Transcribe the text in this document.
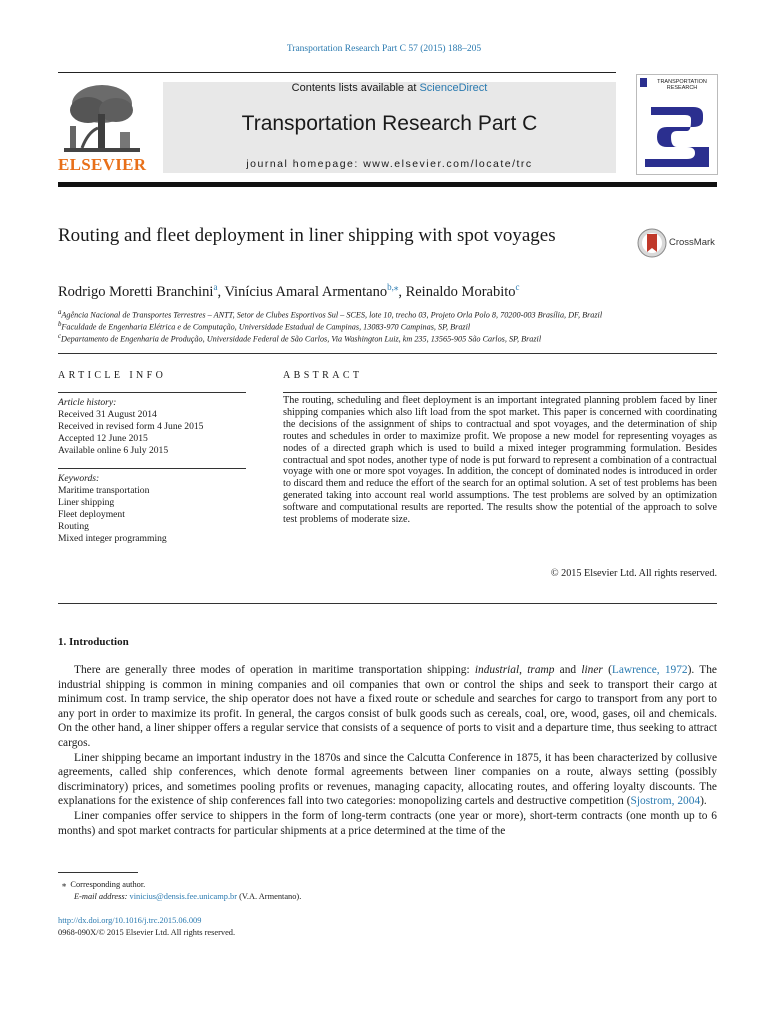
Transportation Research Part C 57 (2015) 188–205
ELSEVIER
Contents lists available at ScienceDirect
Transportation Research Part C
journal homepage: www.elsevier.com/locate/trc
TRANSPORTATION RESEARCH
Routing and fleet deployment in liner shipping with spot voyages	CrossMark
Rodrigo Moretti Branchini$^a$, Vinícius Amaral Armentano$^{b,⁎}$, Reinaldo Morabito$^c$
$^a$Agência Nacional de Transportes Terrestres – ANTT, Setor de Clubes Esportivos Sul – SCES, lote 10, trecho 03, Projeto Orla Polo 8, 70200-003 Brasília, DF, Brazil
$^b$Faculdade de Engenharia Elétrica e de Computação, Universidade Estadual de Campinas, 13083-970 Campinas, SP, Brazil
$^c$Departamento de Engenharia de Produção, Universidade Federal de São Carlos, Via Washington Luiz, km 235, 13565-905 São Carlos, SP, Brazil
ARTICLE INFO	ABSTRACT
Article history:
Received 31 August 2014
Received in revised form 4 June 2015
Accepted 12 June 2015
Available online 6 July 2015
Keywords:
Maritime transportation
Liner shipping
Fleet deployment
Routing
Mixed integer programming
The routing, scheduling and fleet deployment is an important integrated planning problem faced by liner shipping companies which also lift load from the spot market. This paper is concerned with coordinating the decisions of the assignment of ships to contractual and spot voyages, and the determination of ship routes and schedules in order to maximize profit. We propose a new model for representing voyages as nodes of a directed graph which is used to build a mixed integer programming formulation. Besides contractual and spot nodes, another type of node is put forward to represent a combination of a contractual voyage with one or more spot voyages. In addition, the concept of dominated nodes is introduced in order to discard them and reduce the effort of the search for an optimal solution. A set of test problems has been generated taking into account real world assumptions. The test problems are solved by an optimization software and computational results are reported. The results show the potential of the approach to solve test problems of moderate size.
© 2015 Elsevier Ltd. All rights reserved.
1. Introduction

There are generally three modes of operation in maritime transportation shipping: industrial, tramp and liner (Lawrence, 1972). The industrial shipping is common in mining companies and oil companies that own or control the ships and seek to transport their cargo at minimum cost. In tramp service, the ship operator does not have a fixed route or schedule and searches for cargo to transport from any port to any port in order to maximize its profit. In general, the cargos consist of bulk goods such as cereals, coal, ore, wood, gases, oil and chemicals. On the other hand, a liner shipper offers a regular service that consists of a sequence of ports to visit and a departure time, thus seeking to attract cargos.

Liner shipping became an important industry in the 1870s and since the Calcutta Conference in 1875, it has been characterized by collusive agreements, called ship conferences, which denote formal agreements between liner companies on a route, always setting (possibly discriminatory) prices, and sometimes pooling profits or revenues, managing capacity, allocating routes, and offering loyalty discounts. The explanations for the existence of ship conferences fall into two categories: monopolizing cartels and destructive competition (Sjostrom, 2004).

Liner companies offer service to shippers in the form of long-term contracts (one year or more), short-term contracts (one month up to 6 months) and spot market contracts for particular shipments at a price determined at the time of the

⁎ Corresponding author.
E-mail address: vinicius@densis.fee.unicamp.br (V.A. Armentano).
http://dx.doi.org/10.1016/j.trc.2015.06.009
0968-090X/© 2015 Elsevier Ltd. All rights reserved.
